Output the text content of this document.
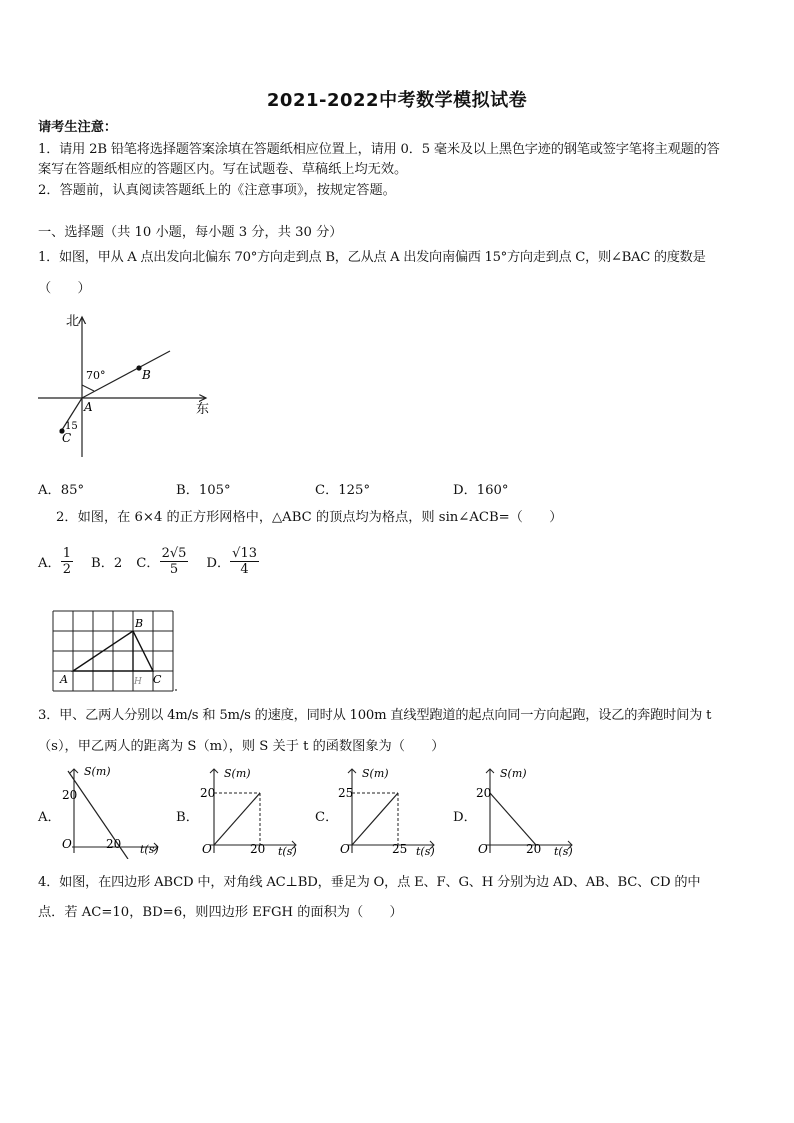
2021-2022中考数学模拟试卷
请考生注意：
1．请用 2B 铅笔将选择题答案涂填在答题纸相应位置上，请用 0．5 毫米及以上黑色字迹的钢笔或签字笔将主观题的答
案写在答题纸相应的答题区内。写在试题卷、草稿纸上均无效。
2．答题前，认真阅读答题纸上的《注意事项》，按规定答题。
一、选择题（共 10 小题，每小题 3 分，共 30 分）
1．如图，甲从 A 点出发向北偏东 70°方向走到点 B，乙从点 A 出发向南偏西 15°方向走到点 C，则∠BAC 的度数是
（　　）
北
东
70°
15
A
B
C
A．85°	B．105°	C．125°	D．160°
2．如图，在 6×4 的正方形网格中，△ABC 的顶点均为格点，则 sin∠ACB=（　　）
A． $\frac{1}{2}$ B．2 C． $\frac{2√5}{5}$ D． $\frac{√13}{4}$
A
B
C
H
3．甲、乙两人分别以 4m/s 和 5m/s 的速度，同时从 100m 直线型跑道的起点向同一方向起跑，设乙的奔跑时间为 t
（s），甲乙两人的距离为 S（m），则 S 关于 t 的函数图象为（　　）
A．
S(m)
20
O	20 t(s)
B．
S(m)
20
O	20 t(s)
C．
S(m)
25
O	25 t(s)
D．
S(m)
20
O	20 t(s)
4．如图，在四边形 ABCD 中，对角线 AC⊥BD，垂足为 O，点 E、F、G、H 分别为边 AD、AB、BC、CD 的中
点．若 AC=10，BD=6，则四边形 EFGH 的面积为（　　）
